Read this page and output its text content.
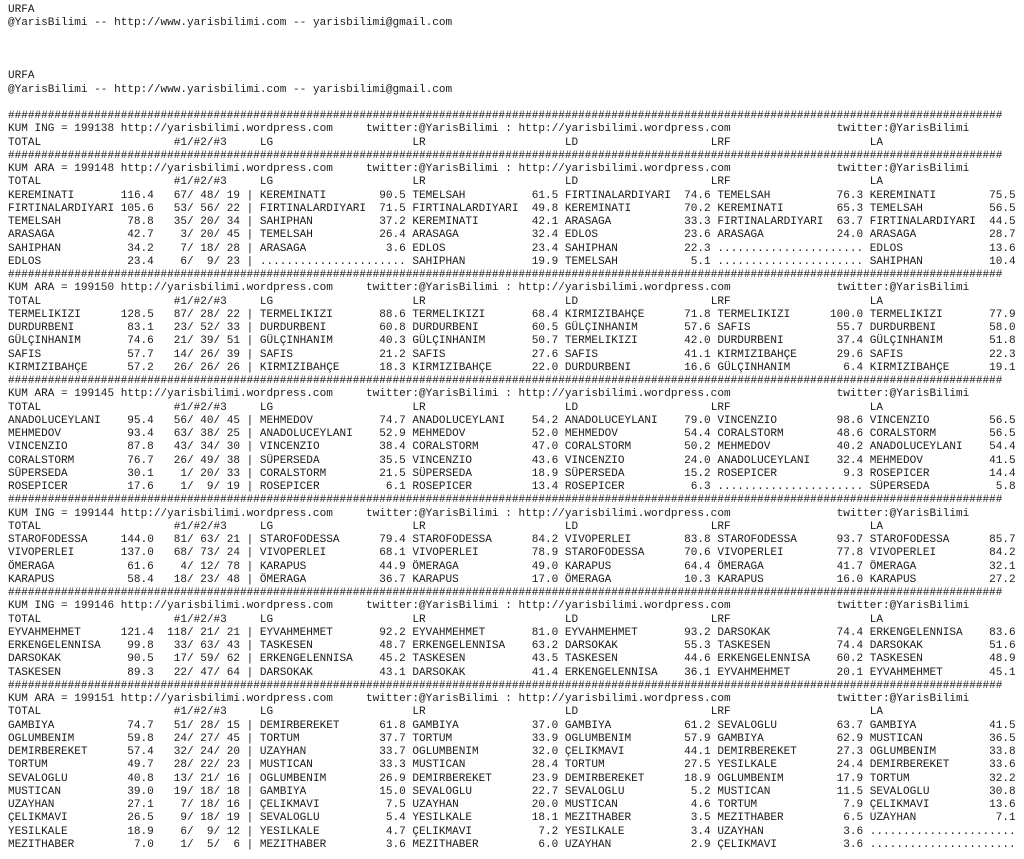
URFA
@YarisBilimi -- http://www.yarisbilimi.com -- yarisbilimi@gmail.com
URFA
@YarisBilimi -- http://www.yarisbilimi.com -- yarisbilimi@gmail.com
######################################################################################################################################################
KUM ING = 199138 http://yarisbilimi.wordpress.com	twitter:@YarisBilimi : http://yarisbilimi.wordpress.com	twitter:@YarisBilimi
TOTAL	#1/#2/#3	LG	LR	LD	LRF	LA
######################################################################################################################################################
KUM ARA = 199148 http://yarisbilimi.wordpress.com	twitter:@YarisBilimi : http://yarisbilimi.wordpress.com	twitter:@YarisBilimi
TOTAL	#1/#2/#3	LG	LR	LD	LRF	LA
KEREMINATI	116.4	67 / 48 / 19 | KEREMINATI	90.5 TEMELSAH	61.5 FIRTINALARDIYARI	74.6 TEMELSAH	76.3 KEREMINATI	75.5
FIRTINALARDIYARI 105.6	53 / 56 / 22 | FIRTINALARDIYARI	71.5 FIRTINALARDIYARI	49.8 KEREMINATI	70.2 KEREMINATI	65.3 TEMELSAH	56.5
TEMELSAH	78.8	35 / 20 / 34 | SAHIPHAN	37.2 KEREMINATI	42.1 ARASAGA	33.3 FIRTINALARDIYARI	63.7 FIRTINALARDIYARI	44.5
ARASAGA	42.7	3 / 20 / 45 | TEMELSAH	26.4 ARASAGA	32.4 EDLOS	23.6 ARASAGA	24.0 ARASAGA	28.7
SAHIPHAN	34.2	7 / 18 / 28 | ARASAGA	3.6 EDLOS	23.4 SAHIPHAN	22.3 ...................... EDLOS	13.6
EDLOS	23.4	6 /	9 / 23 | ...................... SAHIPHAN	19.9 TEMELSAH	5.1 ...................... SAHIPHAN	10.4
######################################################################################################################################################
KUM ARA = 199150 http://yarisbilimi.wordpress.com	twitter:@YarisBilimi : http://yarisbilimi.wordpress.com	twitter:@YarisBilimi
TOTAL	#1/#2/#3	LG	LR	LD	LRF	LA
TERMELIKIZI	128.5	87 / 28 / 22 | TERMELIKIZI	88.6 TERMELIKIZI	68.4 KIRMIZIBAHÇE	71.8 TERMELIKIZI	100.0 TERMELIKIZI	77.9
DURDURBENI	83.1	23 / 52 / 33 | DURDURBENI	60.8 DURDURBENI	60.5 GÜLÇINHANIM	57.6 SAFIS	55.7 DURDURBENI	58.0
GÜLÇINHANIM	74.6	21 / 39 / 51 | GÜLÇINHANIM	40.3 GÜLÇINHANIM	50.7 TERMELIKIZI	42.0 DURDURBENI	37.4 GÜLÇINHANIM	51.8
SAFIS	57.7	14 / 26 / 39 | SAFIS	21.2 SAFIS	27.6 SAFIS	41.1 KIRMIZIBAHÇE	29.6 SAFIS	22.3
KIRMIZIBAHÇE	57.2	26 / 26 / 26 | KIRMIZIBAHÇE	18.3 KIRMIZIBAHÇE	22.0 DURDURBENI	16.6 GÜLÇINHANIM	6.4 KIRMIZIBAHÇE	19.1
######################################################################################################################################################
KUM ARA = 199145 http://yarisbilimi.wordpress.com	twitter:@YarisBilimi : http://yarisbilimi.wordpress.com	twitter:@YarisBilimi
TOTAL	#1/#2/#3	LG	LR	LD	LRF	LA
ANADOLUCEYLANI	95.4	56 / 40 / 45 | MEHMEDOV	74.7 ANADOLUCEYLANI	54.2 ANADOLUCEYLANI	79.0 VINCENZIO	98.6 VINCENZIO	56.5
MEHMEDOV	93.4	63 / 38 / 25 | ANADOLUCEYLANI	52.9 MEHMEDOV	52.0 MEHMEDOV	54.4 CORALSTORM	48.6 CORALSTORM	56.5
VINCENZIO	87.8	43 / 34 / 30 | VINCENZIO	38.4 CORALSTORM	47.0 CORALSTORM	50.2 MEHMEDOV	40.2 ANADOLUCEYLANI	54.4
CORALSTORM	76.7	26 / 49 / 38 | SÜPERSEDA	35.5 VINCENZIO	43.6 VINCENZIO	24.0 ANADOLUCEYLANI	32.4 MEHMEDOV	41.5
SÜPERSEDA	30.1	1 / 20 / 33 | CORALSTORM	21.5 SÜPERSEDA	18.9 SÜPERSEDA	15.2 ROSEPICER	9.3 ROSEPICER	14.4
ROSEPICER	17.6	1 /	9 / 19 | ROSEPICER	6.1 ROSEPICER	13.4 ROSEPICER	6.3 ...................... SÜPERSEDA	5.8
######################################################################################################################################################
KUM ING = 199144 http://yarisbilimi.wordpress.com	twitter:@YarisBilimi : http://yarisbilimi.wordpress.com	twitter:@YarisBilimi
TOTAL	#1/#2/#3	LG	LR	LD	LRF	LA
STAROFODESSA	144.0	81 / 63 / 21 | STAROFODESSA	79.4 STAROFODESSA	84.2 VIVOPERLEI	83.8 STAROFODESSA	93.7 STAROFODESSA	85.7
VIVOPERLEI	137.0	68 / 73 / 24 | VIVOPERLEI	68.1 VIVOPERLEI	78.9 STAROFODESSA	70.6 VIVOPERLEI	77.8 VIVOPERLEI	84.2
ÖMERAGA	61.6	4 / 12 / 78 | KARAPUS	44.9 ÖMERAGA	49.0 KARAPUS	64.4 ÖMERAGA	41.7 ÖMERAGA	32.1
KARAPUS	58.4	18 / 23 / 48 | ÖMERAGA	36.7 KARAPUS	17.0 ÖMERAGA	10.3 KARAPUS	16.0 KARAPUS	27.2
######################################################################################################################################################
KUM ING = 199146 http://yarisbilimi.wordpress.com	twitter:@YarisBilimi : http://yarisbilimi.wordpress.com	twitter:@YarisBilimi
TOTAL	#1/#2/#3	LG	LR	LD	LRF	LA
EYVAHMEHMET	121.4 118 / 21 / 21 | EYVAHMEHMET	92.2 EYVAHMEHMET	81.0 EYVAHMEHMET	93.2 DARSOKAK	74.4 ERKENGELENNISA	83.6
ERKENGELENNISA	99.8	33 / 63 / 43 | TASKESEN	48.7 ERKENGELENNISA	63.2 DARSOKAK	55.3 TASKESEN	74.4 DARSOKAK	51.6
DARSOKAK	90.5	17 / 59 / 62 | ERKENGELENNISA	45.2 TASKESEN	43.5 TASKESEN	44.6 ERKENGELENNISA	60.2 TASKESEN	48.9
TASKESEN	89.3	22 / 47 / 64 | DARSOKAK	43.1 DARSOKAK	41.4 ERKENGELENNISA	36.1 EYVAHMEHMET	20.1 EYVAHMEHMET	45.1
######################################################################################################################################################
KUM ARA = 199151 http://yarisbilimi.wordpress.com	twitter:@YarisBilimi : http://yarisbilimi.wordpress.com	twitter:@YarisBilimi
TOTAL	#1/#2/#3	LG	LR	LD	LRF	LA
GAMBIYA	74.7	51 / 28 / 15 | DEMIRBEREKET	61.8 GAMBIYA	37.0 GAMBIYA	61.2 SEVALOGLU	63.7 GAMBIYA	41.5
OGLUMBENIM	59.8	24 / 27 / 45 | TORTUM	37.7 TORTUM	33.9 OGLUMBENIM	57.9 GAMBIYA	62.9 MUSTICAN	36.5
DEMIRBEREKET	57.4	32 / 24 / 20 | UZAYHAN	33.7 OGLUMBENIM	32.0 ÇELIKMAVI	44.1 DEMIRBEREKET	27.3 OGLUMBENIM	33.8
TORTUM	49.7	28 / 22 / 23 | MUSTICAN	33.3 MUSTICAN	28.4 TORTUM	27.5 YESILKALE	24.4 DEMIRBEREKET	33.6
SEVALOGLU	40.8	13 / 21 / 16 | OGLUMBENIM	26.9 DEMIRBEREKET	23.9 DEMIRBEREKET	18.9 OGLUMBENIM	17.9 TORTUM	32.2
MUSTICAN	39.0	19 / 18 / 18 | GAMBIYA	15.0 SEVALOGLU	22.7 SEVALOGLU	5.2 MUSTICAN	11.5 SEVALOGLU	30.8
UZAYHAN	27.1	7 / 18 / 16 | ÇELIKMAVI	7.5 UZAYHAN	20.0 MUSTICAN	4.6 TORTUM	7.9 ÇELIKMAVI	13.6
ÇELIKMAVI	26.5	9 / 18 / 19 | SEVALOGLU	5.4 YESILKALE	18.1 MEZITHABER	3.5 MEZITHABER	6.5 UZAYHAN	7.1
YESILKALE	18.9	6 /	9 / 12 | YESILKALE	4.7 ÇELIKMAVI	7.2 YESILKALE	3.4 UZAYHAN	3.6 ......................
MEZITHABER	7.0	1 /	5 /	6 | MEZITHABER	3.6 MEZITHABER	6.0 UZAYHAN	2.9 ÇELIKMAVI	3.6 ......................
